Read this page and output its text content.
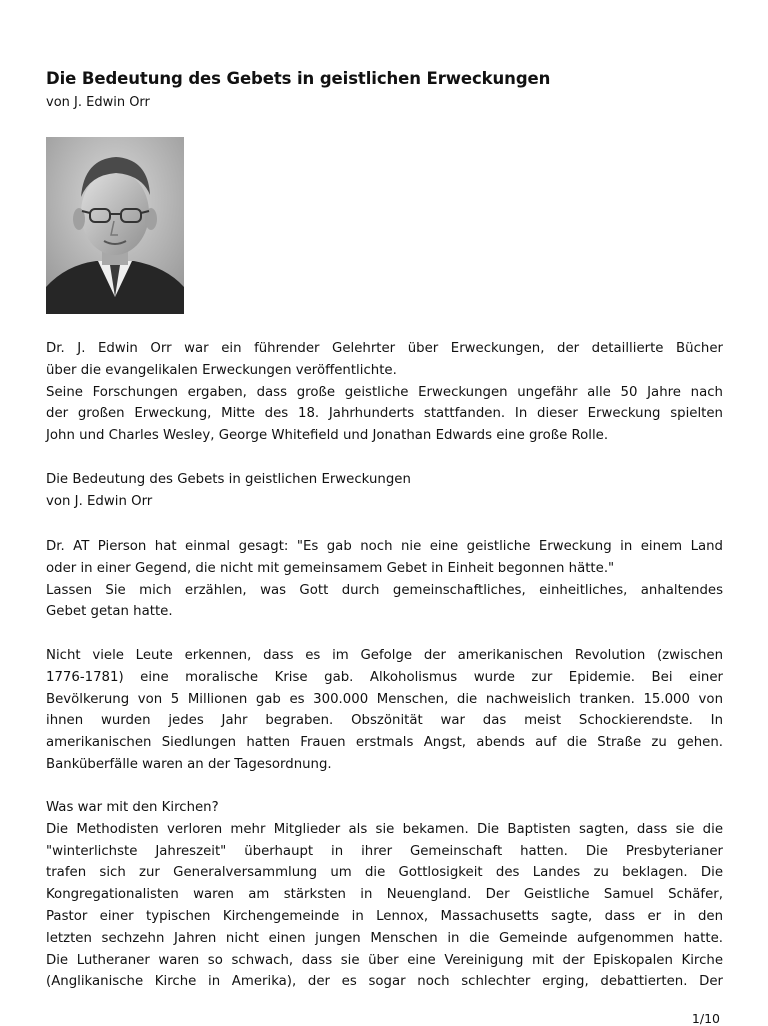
Die Bedeutung des Gebets in geistlichen Erweckungen
von J. Edwin Orr
Dr. J. Edwin Orr war ein führender Gelehrter über Erweckungen, der detaillierte Bücher
über die evangelikalen Erweckungen veröffentlichte.
Seine Forschungen ergaben, dass große geistliche Erweckungen ungefähr alle 50 Jahre nach
der großen Erweckung, Mitte des 18. Jahrhunderts stattfanden. In dieser Erweckung spielten
John und Charles Wesley, George Whitefield und Jonathan Edwards eine große Rolle.
Die Bedeutung des Gebets in geistlichen Erweckungen
von J. Edwin Orr
Dr. AT Pierson hat einmal gesagt: "Es gab noch nie eine geistliche Erweckung in einem Land
oder in einer Gegend, die nicht mit gemeinsamem Gebet in Einheit begonnen hätte."
Lassen Sie mich erzählen, was Gott durch gemeinschaftliches, einheitliches, anhaltendes
Gebet getan hatte.
Nicht viele Leute erkennen, dass es im Gefolge der amerikanischen Revolution (zwischen
1776-1781) eine moralische Krise gab. Alkoholismus wurde zur Epidemie. Bei einer
Bevölkerung von 5 Millionen gab es 300.000 Menschen, die nachweislich tranken. 15.000 von
ihnen wurden jedes Jahr begraben. Obszönität war das meist Schockierendste. In
amerikanischen Siedlungen hatten Frauen erstmals Angst, abends auf die Straße zu gehen.
Banküberfälle waren an der Tagesordnung.
Was war mit den Kirchen?
Die Methodisten verloren mehr Mitglieder als sie bekamen. Die Baptisten sagten, dass sie die
"winterlichste Jahreszeit" überhaupt in ihrer Gemeinschaft hatten. Die Presbyterianer
trafen sich zur Generalversammlung um die Gottlosigkeit des Landes zu beklagen. Die
Kongregationalisten waren am stärksten in Neuengland. Der Geistliche Samuel Schäfer,
Pastor einer typischen Kirchengemeinde in Lennox, Massachusetts sagte, dass er in den
letzten sechzehn Jahren nicht einen jungen Menschen in die Gemeinde aufgenommen hatte.
Die Lutheraner waren so schwach, dass sie über eine Vereinigung mit der Episkopalen Kirche
(Anglikanische Kirche in Amerika), der es sogar noch schlechter erging, debattierten. Der
1/10
